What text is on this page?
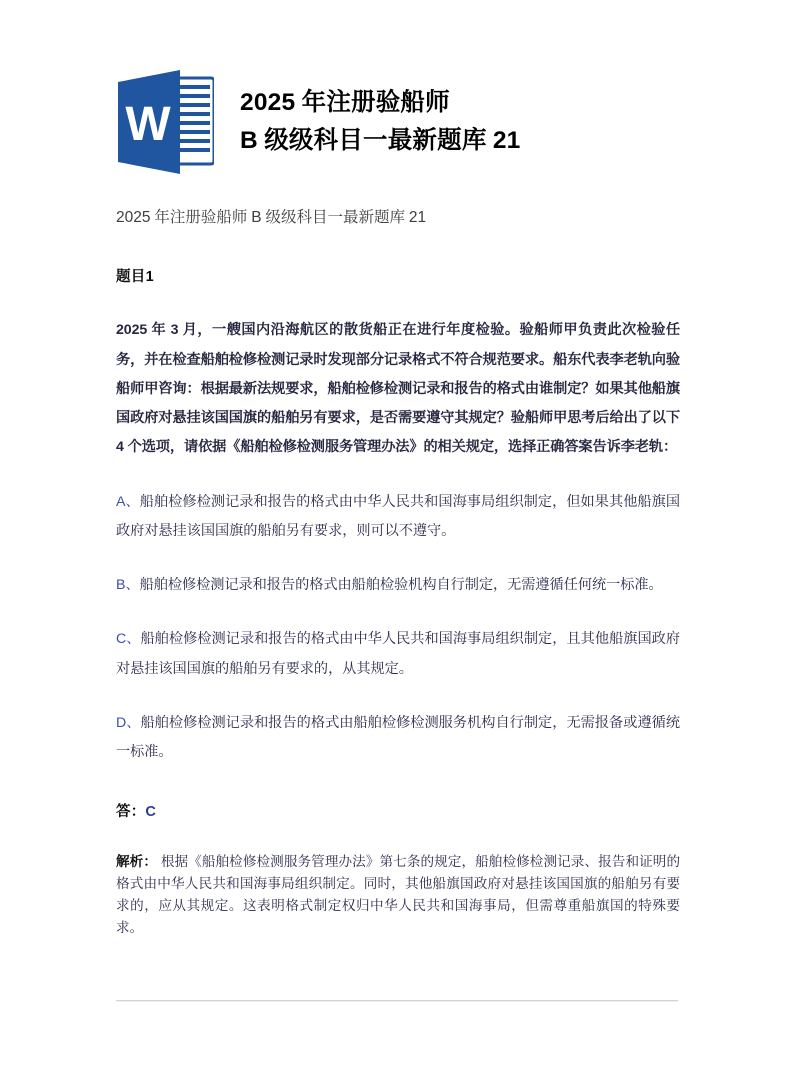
W	2025 年注册验船师
B 级级科目一最新题库 21
2025 年注册验船师 B 级级科目一最新题库 21
题目1
2025 年 3 月，一艘国内沿海航区的散货船正在进行年度检验。验船师甲负责此次检验任务，并在检查船舶检修检测记录时发现部分记录格式不符合规范要求。船东代表李老轨向验船师甲咨询：根据最新法规要求，船舶检修检测记录和报告的格式由谁制定？如果其他船旗国政府对悬挂该国国旗的船舶另有要求，是否需要遵守其规定？验船师甲思考后给出了以下 4 个选项，请依据《船舶检修检测服务管理办法》的相关规定，选择正确答案告诉李老轨：
A、船舶检修检测记录和报告的格式由中华人民共和国海事局组织制定，但如果其他船旗国政府对悬挂该国国旗的船舶另有要求，则可以不遵守。
B、船舶检修检测记录和报告的格式由船舶检验机构自行制定，无需遵循任何统一标准。
C、船舶检修检测记录和报告的格式由中华人民共和国海事局组织制定，且其他船旗国政府对悬挂该国国旗的船舶另有要求的，从其规定。
D、船舶检修检测记录和报告的格式由船舶检修检测服务机构自行制定，无需报备或遵循统一标准。
答：C
解析： 根据《船舶检修检测服务管理办法》第七条的规定，船舶检修检测记录、报告和证明的格式由中华人民共和国海事局组织制定。同时，其他船旗国政府对悬挂该国国旗的船舶另有要求的，应从其规定。这表明格式制定权归中华人民共和国海事局，但需尊重船旗国的特殊要求。
